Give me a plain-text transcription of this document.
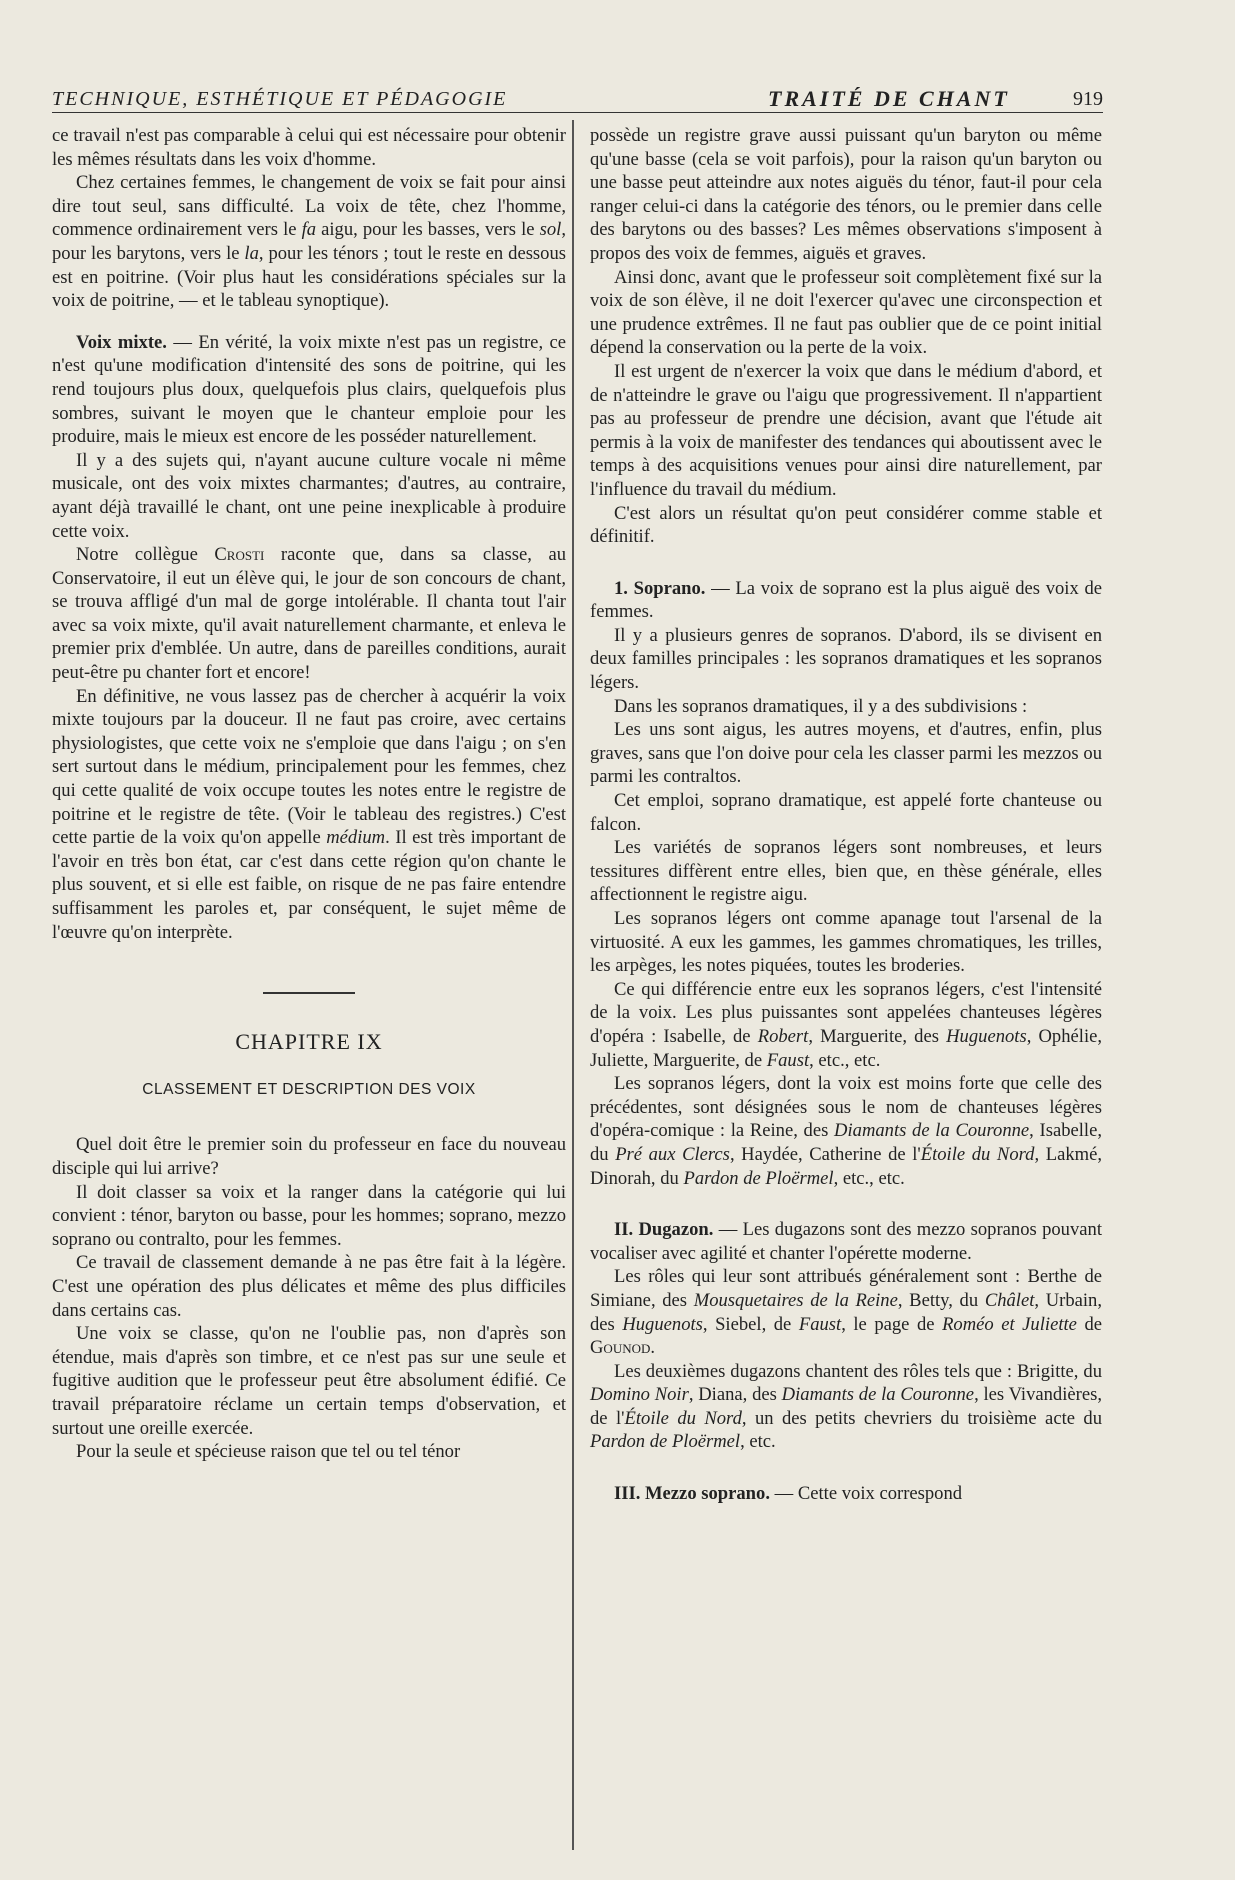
TECHNIQUE, ESTHÉTIQUE ET PÉDAGOGIE	TRAITÉ DE CHANT	919

ce travail n'est pas comparable à celui qui est nécessaire pour obtenir les mêmes résultats dans les voix d'homme.

Chez certaines femmes, le changement de voix se fait pour ainsi dire tout seul, sans difficulté. La voix de tête, chez l'homme, commence ordinairement vers le fa aigu, pour les basses, vers le sol, pour les barytons, vers le la, pour les ténors ; tout le reste en dessous est en poitrine. (Voir plus haut les considérations spéciales sur la voix de poitrine, — et le tableau synoptique).

Voix mixte. — En vérité, la voix mixte n'est pas un registre, ce n'est qu'une modification d'intensité des sons de poitrine, qui les rend toujours plus doux, quelquefois plus clairs, quelquefois plus sombres, suivant le moyen que le chanteur emploie pour les produire, mais le mieux est encore de les posséder naturellement.

Il y a des sujets qui, n'ayant aucune culture vocale ni même musicale, ont des voix mixtes charmantes; d'autres, au contraire, ayant déjà travaillé le chant, ont une peine inexplicable à produire cette voix.

Notre collègue Crosti raconte que, dans sa classe, au Conservatoire, il eut un élève qui, le jour de son concours de chant, se trouva affligé d'un mal de gorge intolérable. Il chanta tout l'air avec sa voix mixte, qu'il avait naturellement charmante, et enleva le premier prix d'emblée. Un autre, dans de pareilles conditions, aurait peut-être pu chanter fort et encore!

En définitive, ne vous lassez pas de chercher à acquérir la voix mixte toujours par la douceur. Il ne faut pas croire, avec certains physiologistes, que cette voix ne s'emploie que dans l'aigu ; on s'en sert surtout dans le médium, principalement pour les femmes, chez qui cette qualité de voix occupe toutes les notes entre le registre de poitrine et le registre de tête. (Voir le tableau des registres.) C'est cette partie de la voix qu'on appelle médium. Il est très important de l'avoir en très bon état, car c'est dans cette région qu'on chante le plus souvent, et si elle est faible, on risque de ne pas faire entendre suffisamment les paroles et, par conséquent, le sujet même de l'œuvre qu'on interprète.

CHAPITRE IX
CLASSEMENT ET DESCRIPTION DES VOIX

Quel doit être le premier soin du professeur en face du nouveau disciple qui lui arrive?

Il doit classer sa voix et la ranger dans la catégorie qui lui convient : ténor, baryton ou basse, pour les hommes; soprano, mezzo soprano ou contralto, pour les femmes.

Ce travail de classement demande à ne pas être fait à la légère. C'est une opération des plus délicates et même des plus difficiles dans certains cas.

Une voix se classe, qu'on ne l'oublie pas, non d'après son étendue, mais d'après son timbre, et ce n'est pas sur une seule et fugitive audition que le professeur peut être absolument édifié. Ce travail préparatoire réclame un certain temps d'observation, et surtout une oreille exercée.

Pour la seule et spécieuse raison que tel ou tel ténor

possède un registre grave aussi puissant qu'un baryton ou même qu'une basse (cela se voit parfois), pour la raison qu'un baryton ou une basse peut atteindre aux notes aiguës du ténor, faut-il pour cela ranger celui-ci dans la catégorie des ténors, ou le premier dans celle des barytons ou des basses? Les mêmes observations s'imposent à propos des voix de femmes, aiguës et graves.

Ainsi donc, avant que le professeur soit complètement fixé sur la voix de son élève, il ne doit l'exercer qu'avec une circonspection et une prudence extrêmes. Il ne faut pas oublier que de ce point initial dépend la conservation ou la perte de la voix.

Il est urgent de n'exercer la voix que dans le médium d'abord, et de n'atteindre le grave ou l'aigu que progressivement. Il n'appartient pas au professeur de prendre une décision, avant que l'étude ait permis à la voix de manifester des tendances qui aboutissent avec le temps à des acquisitions venues pour ainsi dire naturellement, par l'influence du travail du médium.

C'est alors un résultat qu'on peut considérer comme stable et définitif.

1. Soprano. — La voix de soprano est la plus aiguë des voix de femmes.

Il y a plusieurs genres de sopranos. D'abord, ils se divisent en deux familles principales : les sopranos dramatiques et les sopranos légers.

Dans les sopranos dramatiques, il y a des subdivisions :

Les uns sont aigus, les autres moyens, et d'autres, enfin, plus graves, sans que l'on doive pour cela les classer parmi les mezzos ou parmi les contraltos.

Cet emploi, soprano dramatique, est appelé forte chanteuse ou falcon.

Les variétés de sopranos légers sont nombreuses, et leurs tessitures diffèrent entre elles, bien que, en thèse générale, elles affectionnent le registre aigu.

Les sopranos légers ont comme apanage tout l'arsenal de la virtuosité. A eux les gammes, les gammes chromatiques, les trilles, les arpèges, les notes piquées, toutes les broderies.

Ce qui différencie entre eux les sopranos légers, c'est l'intensité de la voix. Les plus puissantes sont appelées chanteuses légères d'opéra : Isabelle, de Robert, Marguerite, des Huguenots, Ophélie, Juliette, Marguerite, de Faust, etc., etc.

Les sopranos légers, dont la voix est moins forte que celle des précédentes, sont désignées sous le nom de chanteuses légères d'opéra-comique : la Reine, des Diamants de la Couronne, Isabelle, du Pré aux Clercs, Haydée, Catherine de l'Étoile du Nord, Lakmé, Dinorah, du Pardon de Ploërmel, etc., etc.

II. Dugazon. — Les dugazons sont des mezzo sopranos pouvant vocaliser avec agilité et chanter l'opérette moderne.

Les rôles qui leur sont attribués généralement sont : Berthe de Simiane, des Mousquetaires de la Reine, Betty, du Châlet, Urbain, des Huguenots, Siebel, de Faust, le page de Roméo et Juliette de Gounod.

Les deuxièmes dugazons chantent des rôles tels que : Brigitte, du Domino Noir, Diana, des Diamants de la Couronne, les Vivandières, de l'Étoile du Nord, un des petits chevriers du troisième acte du Pardon de Ploërmel, etc.

III. Mezzo soprano. — Cette voix correspond
